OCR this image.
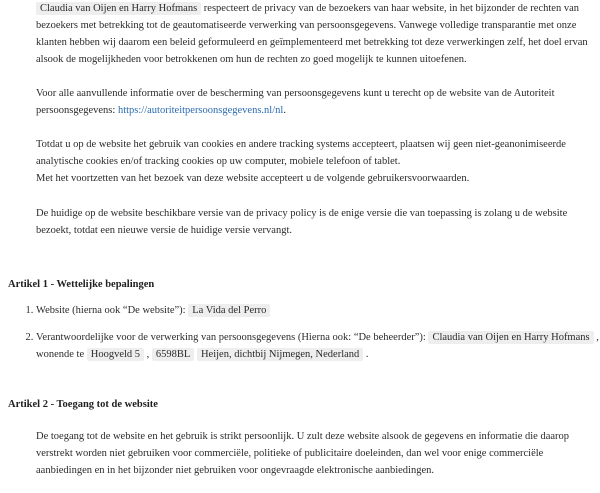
Claudia van Oijen en Harry Hofmans respecteert de privacy van de bezoekers van haar website, in het bijzonder de rechten van bezoekers met betrekking tot de geautomatiseerde verwerking van persoonsgegevens. Vanwege volledige transparantie met onze klanten hebben wij daarom een beleid geformuleerd en geïmplementeerd met betrekking tot deze verwerkingen zelf, het doel ervan alsook de mogelijkheden voor betrokkenen om hun de rechten zo goed mogelijk te kunnen uitoefenen.

Voor alle aanvullende informatie over de bescherming van persoonsgegevens kunt u terecht op de website van de Autoriteit persoonsgegevens: https://autoriteitpersoonsgegevens.nl/nl.

Totdat u op de website het gebruik van cookies en andere tracking systems accepteert, plaatsen wij geen niet-geanonimiseerde analytische cookies en/of tracking cookies op uw computer, mobiele telefoon of tablet.
Met het voortzetten van het bezoek van deze website accepteert u de volgende gebruikersvoorwaarden.

De huidige op de website beschikbare versie van de privacy policy is de enige versie die van toepassing is zolang u de website bezoekt, totdat een nieuwe versie de huidige versie vervangt.

Artikel 1 - Wettelijke bepalingen
1. Website (hierna ook “De website”): La Vida del Perro
2. Verantwoordelijke voor de verwerking van persoonsgegevens (Hierna ook: “De beheerder”): Claudia van Oijen en Harry Hofmans , wonende te Hoogveld 5 , 6598BL Heijen, dichtbij Nijmegen, Nederland .
Artikel 2 - Toegang tot de website

De toegang tot de website en het gebruik is strikt persoonlijk. U zult deze website alsook de gegevens en informatie die daarop verstrekt worden niet gebruiken voor commerciële, politieke of publicitaire doeleinden, dan wel voor enige commerciële aanbiedingen en in het bijzonder niet gebruiken voor ongevraagde elektronische aanbiedingen.
